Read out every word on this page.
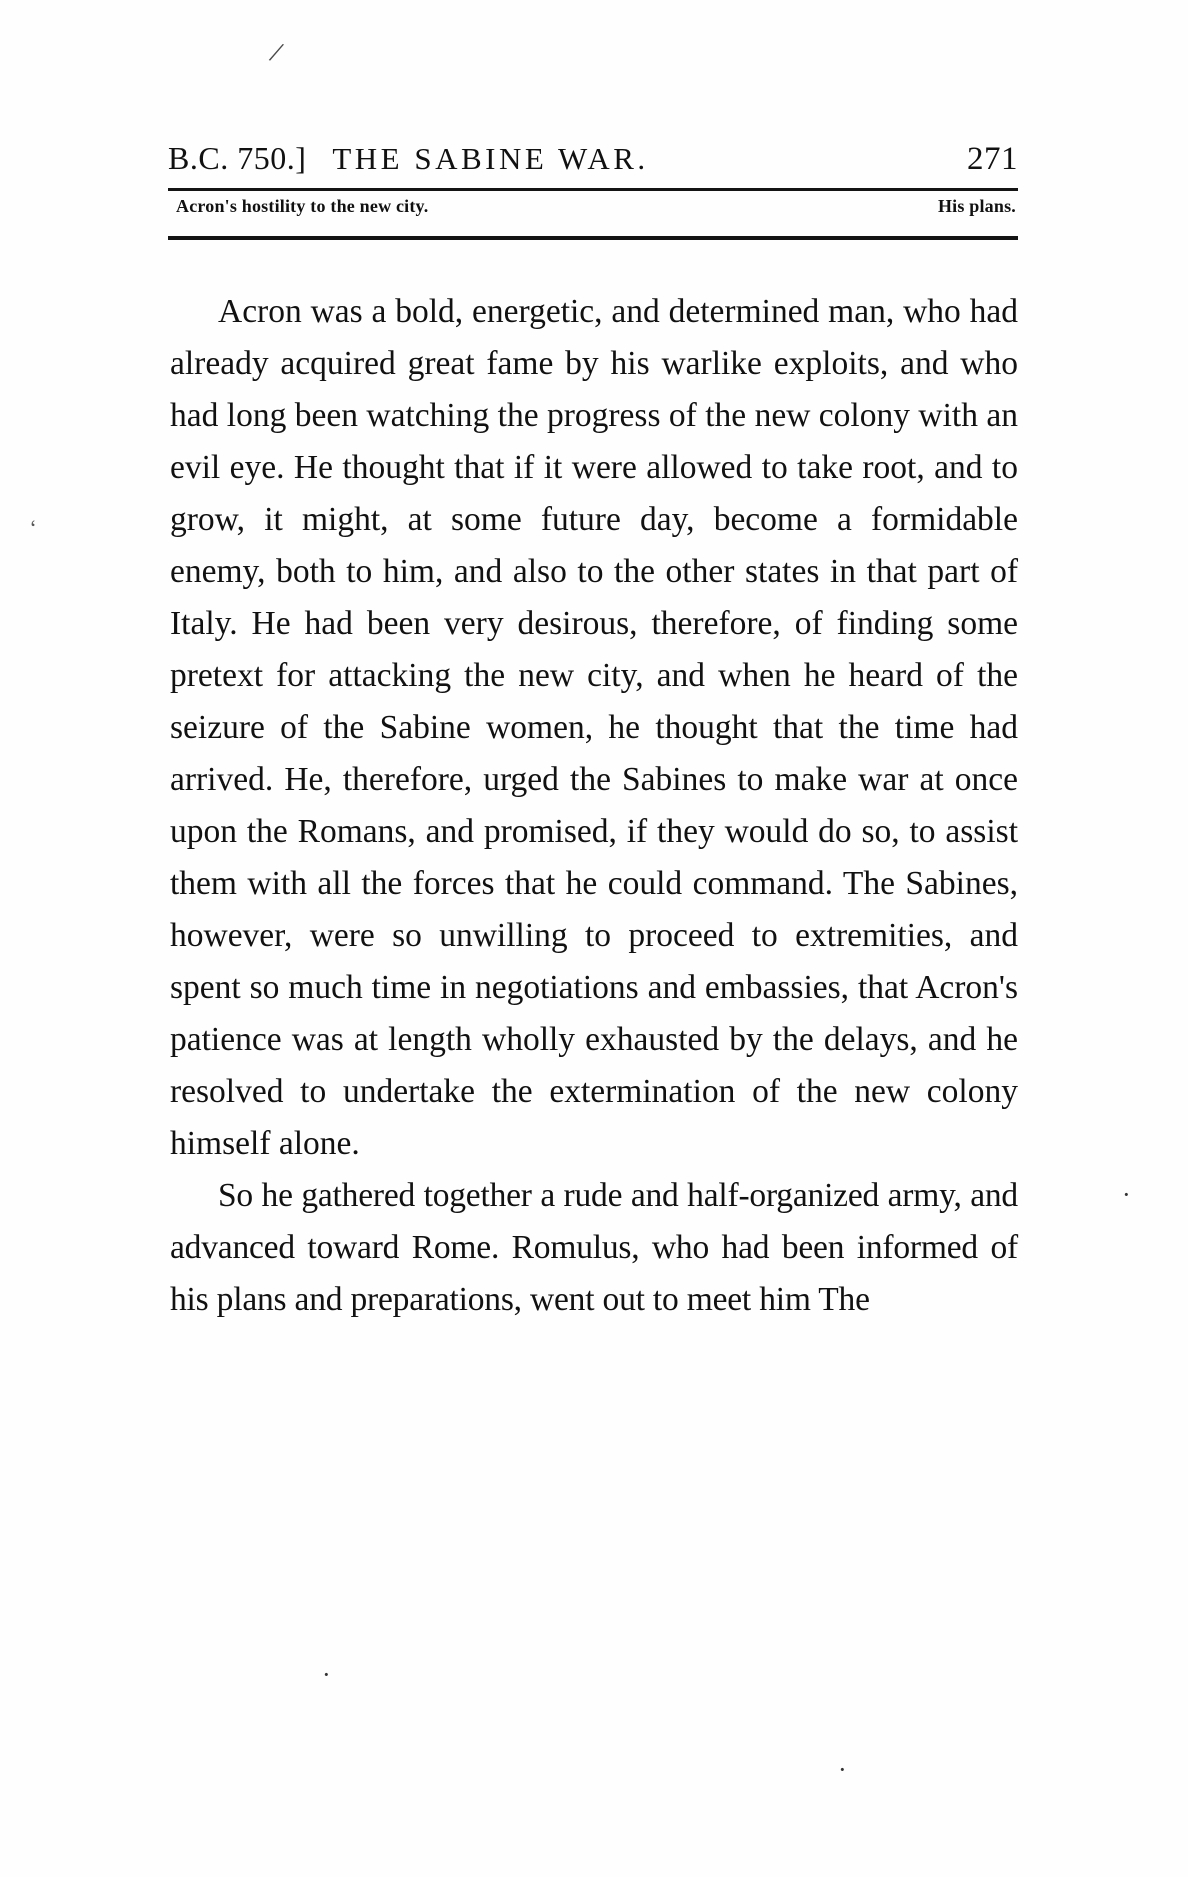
/
‘
·
·
·
B.C. 750.] THE SABINE WAR.	271
Acron's hostility to the new city.	His plans.

Acron was a bold, energetic, and determined man, who had already acquired great fame by his warlike exploits, and who had long been watching the progress of the new colony with an evil eye. He thought that if it were allowed to take root, and to grow, it might, at some future day, become a formidable enemy, both to him, and also to the other states in that part of Italy. He had been very desirous, therefore, of finding some pretext for attacking the new city, and when he heard of the seizure of the Sabine women, he thought that the time had arrived. He, therefore, urged the Sabines to make war at once upon the Romans, and promised, if they would do so, to assist them with all the forces that he could command. The Sabines, however, were so unwilling to proceed to extremities, and spent so much time in negotiations and embassies, that Acron's patience was at length wholly exhausted by the delays, and he resolved to undertake the extermination of the new colony himself alone.

So he gathered together a rude and half-organized army, and advanced toward Rome. Romulus, who had been informed of his plans and preparations, went out to meet him The
